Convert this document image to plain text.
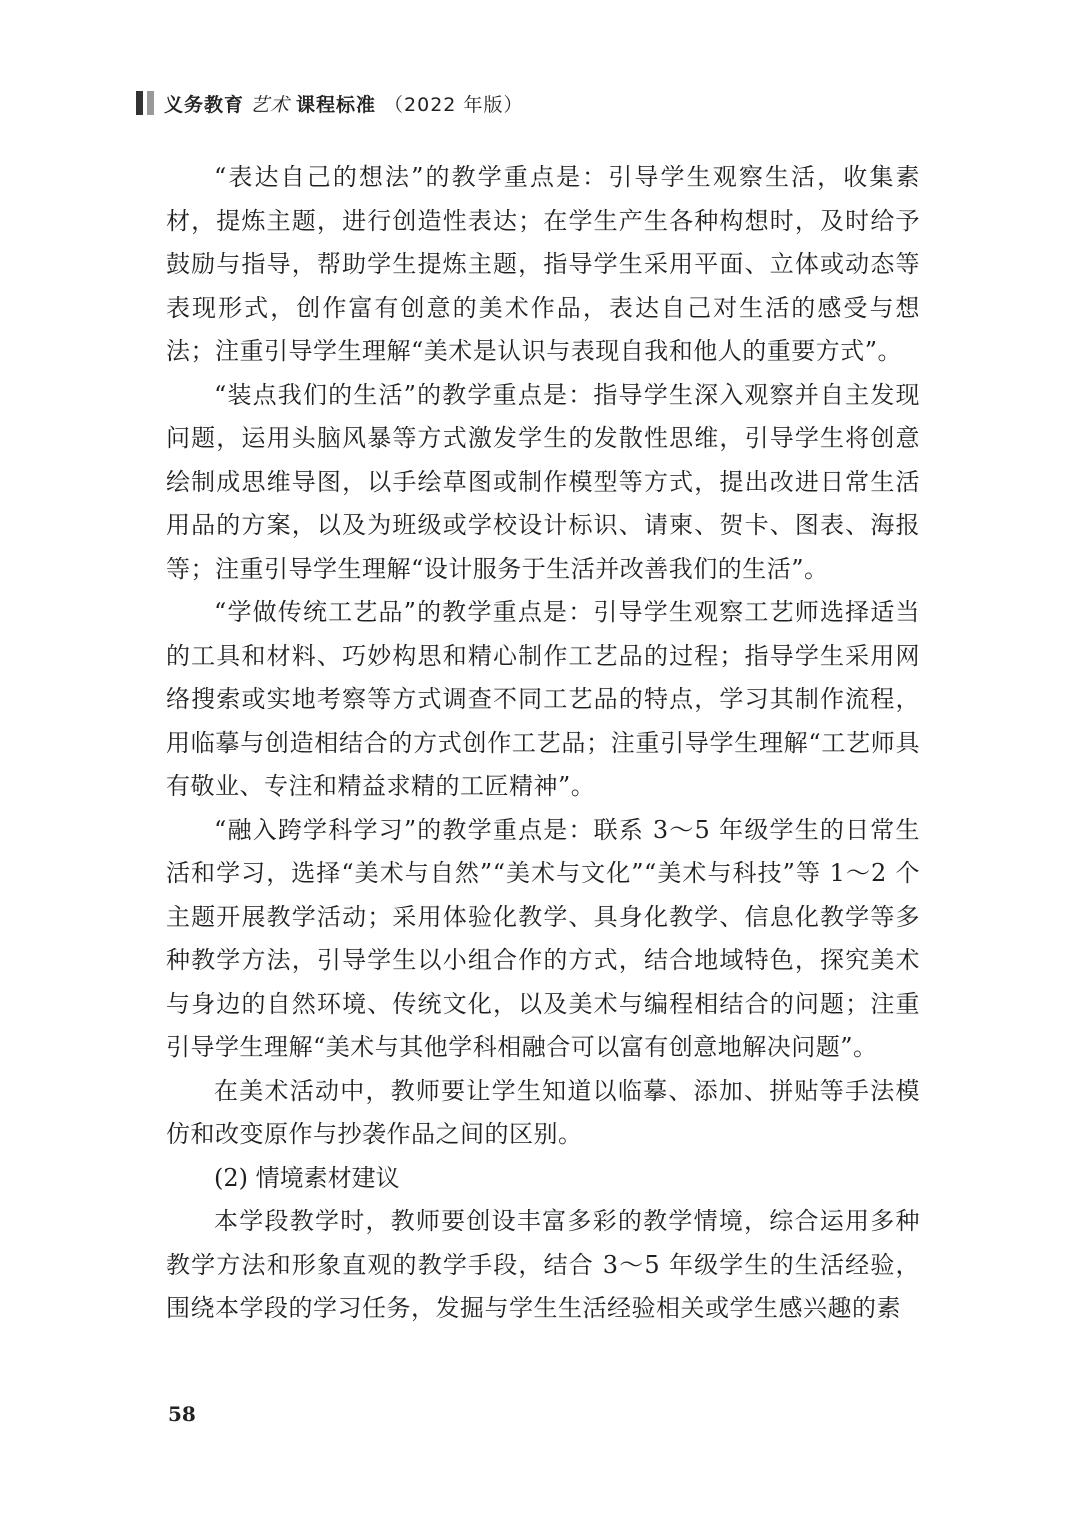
义务教育 艺术 课程标准 （2022 年版）

“表达自己的想法”的教学重点是：引导学生观察生活，收集素材，提炼主题，进行创造性表达；在学生产生各种构想时，及时给予鼓励与指导，帮助学生提炼主题，指导学生采用平面、立体或动态等表现形式，创作富有创意的美术作品，表达自己对生活的感受与想法；注重引导学生理解“美术是认识与表现自我和他人的重要方式”。

“装点我们的生活”的教学重点是：指导学生深入观察并自主发现问题，运用头脑风暴等方式激发学生的发散性思维，引导学生将创意绘制成思维导图，以手绘草图或制作模型等方式，提出改进日常生活用品的方案，以及为班级或学校设计标识、请柬、贺卡、图表、海报等；注重引导学生理解“设计服务于生活并改善我们的生活”。

“学做传统工艺品”的教学重点是：引导学生观察工艺师选择适当的工具和材料、巧妙构思和精心制作工艺品的过程；指导学生采用网络搜索或实地考察等方式调查不同工艺品的特点，学习其制作流程，用临摹与创造相结合的方式创作工艺品；注重引导学生理解“工艺师具有敬业、专注和精益求精的工匠精神”。

“融入跨学科学习”的教学重点是：联系 3～5 年级学生的日常生活和学习，选择“美术与自然”“美术与文化”“美术与科技”等 1～2 个主题开展教学活动；采用体验化教学、具身化教学、信息化教学等多种教学方法，引导学生以小组合作的方式，结合地域特色，探究美术与身边的自然环境、传统文化，以及美术与编程相结合的问题；注重引导学生理解“美术与其他学科相融合可以富有创意地解决问题”。

在美术活动中，教师要让学生知道以临摹、添加、拼贴等手法模仿和改变原作与抄袭作品之间的区别。

(2) 情境素材建议

本学段教学时，教师要创设丰富多彩的教学情境，综合运用多种教学方法和形象直观的教学手段，结合 3～5 年级学生的生活经验，围绕本学段的学习任务，发掘与学生生活经验相关或学生感兴趣的素

58
